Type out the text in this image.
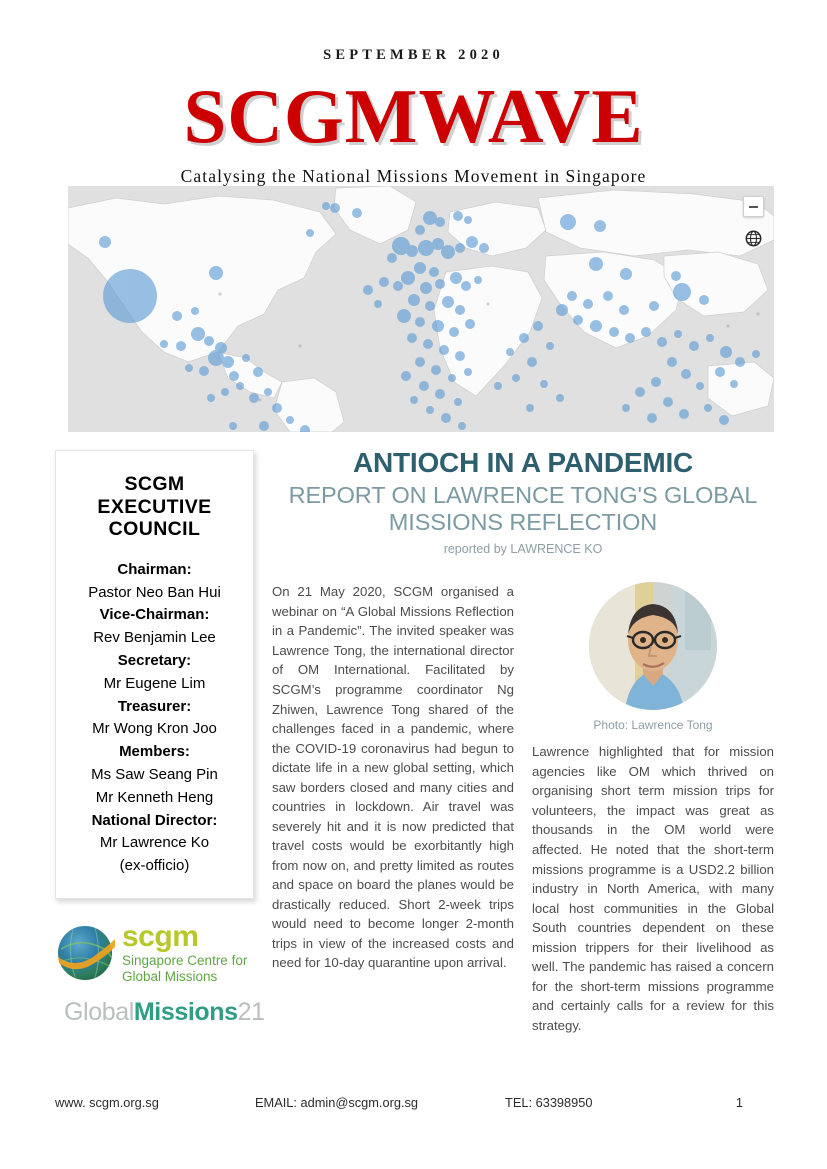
SEPTEMBER 2020
SCGMWAVE
Catalysing the National Missions Movement in Singapore
SCGM
EXECUTIVE
COUNCIL
Chairman:
Pastor Neo Ban Hui
Vice-Chairman:
Rev Benjamin Lee
Secretary:
Mr Eugene Lim
Treasurer:
Mr Wong Kron Joo
Members:
Ms Saw Seang Pin
Mr Kenneth Heng
National Director:
Mr Lawrence Ko
(ex-officio)
scgm
Singapore Centre for
Global Missions
GlobalMissions21
ANTIOCH IN A PANDEMIC
REPORT ON LAWRENCE TONG'S GLOBAL
MISSIONS REFLECTION
reported by LAWRENCE KO
On 21 May 2020, SCGM organised a webinar on “A Global Missions Reflection in a Pandemic”. The invited speaker was Lawrence Tong, the international director of OM International. Facilitated by SCGM’s programme coordinator Ng Zhiwen, Lawrence Tong shared of the challenges faced in a pandemic, where the COVID-19 coronavirus had begun to dictate life in a new global setting, which saw borders closed and many cities and countries in lockdown. Air travel was severely hit and it is now predicted that travel costs would be exorbitantly high from now on, and pretty limited as routes and space on board the planes would be drastically reduced. Short 2-week trips would need to become longer 2-month trips in view of the increased costs and need for 10-day quarantine upon arrival.
Photo: Lawrence Tong
Lawrence highlighted that for mission agencies like OM which thrived on organising short term mission trips for volunteers, the impact was great as thousands in the OM world were affected. He noted that the short-term missions programme is a USD2.2 billion industry in North America, with many local host communities in the Global South countries dependent on these mission trippers for their livelihood as well. The pandemic has raised a concern for the short-term missions programme and certainly calls for a review for this strategy.
www. scgm.org.sg	EMAIL: admin@scgm.org.sg	TEL: 63398950	1
